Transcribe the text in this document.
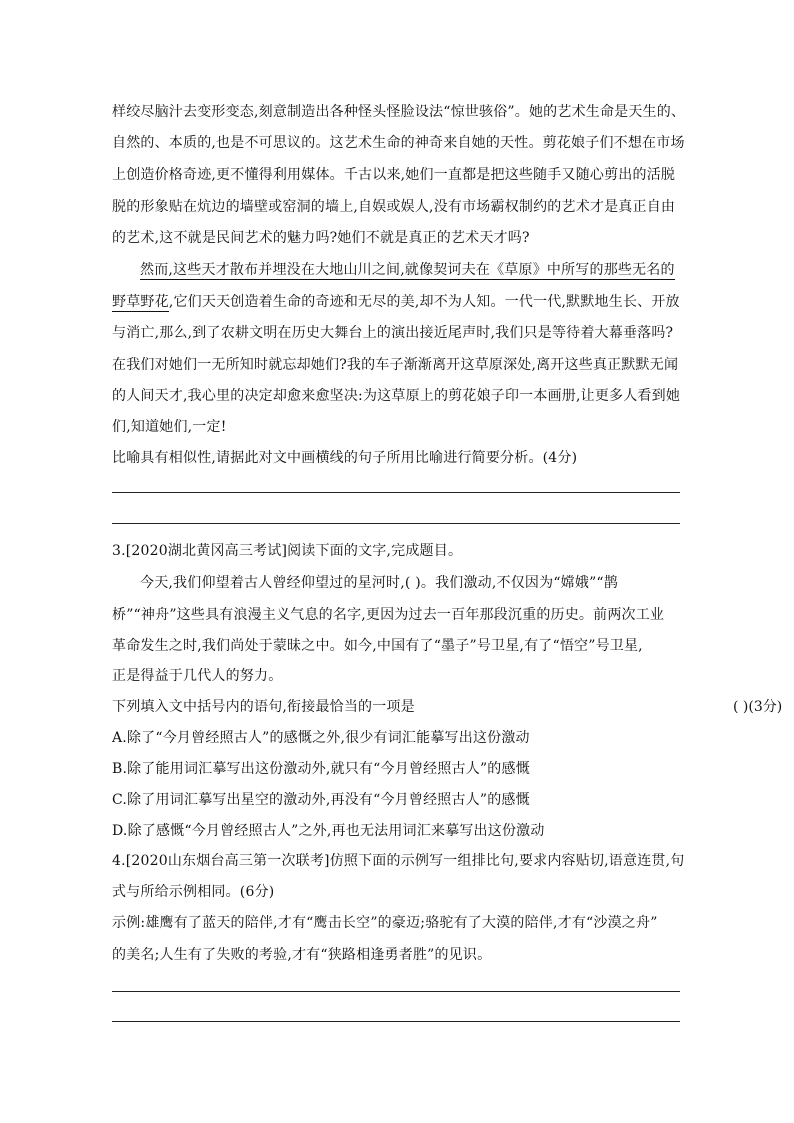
样绞尽脑汁去变形变态,刻意制造出各种怪头怪脸设法“惊世骇俗”。她的艺术生命是天生的、
自然的、本质的,也是不可思议的。这艺术生命的神奇来自她的天性。剪花娘子们不想在市场
上创造价格奇迹,更不懂得利用媒体。千古以来,她们一直都是把这些随手又随心剪出的活脱
脱的形象贴在炕边的墙壁或窑洞的墙上,自娱或娱人,没有市场霸权制约的艺术才是真正自由
的艺术,这不就是民间艺术的魅力吗?她们不就是真正的艺术天才吗?
然而,这些天才散布并埋没在大地山川之间,就像契诃夫在《草原》中所写的那些无名的
野草野花,它们天天创造着生命的奇迹和无尽的美,却不为人知。一代一代,默默地生长、开放
与消亡,那么,到了农耕文明在历史大舞台上的演出接近尾声时,我们只是等待着大幕垂落吗?
在我们对她们一无所知时就忘却她们?我的车子渐渐离开这草原深处,离开这些真正默默无闻
的人间天才,我心里的决定却愈来愈坚决:为这草原上的剪花娘子印一本画册,让更多人看到她
们,知道她们,一定!
比喻具有相似性,请据此对文中画横线的句子所用比喻进行简要分析。(4分)
3.[2020湖北黄冈高三考试]阅读下面的文字,完成题目。
今天,我们仰望着古人曾经仰望过的星河时,( )。我们激动,不仅因为“嫦娥”“鹊
桥”“神舟”这些具有浪漫主义气息的名字,更因为过去一百年那段沉重的历史。前两次工业
革命发生之时,我们尚处于蒙昧之中。如今,中国有了“墨子”号卫星,有了“悟空”号卫星,
正是得益于几代人的努力。
下列填入文中括号内的语句,衔接最恰当的一项是	( )(3分)
A.除了“今月曾经照古人”的感慨之外,很少有词汇能摹写出这份激动
B.除了能用词汇摹写出这份激动外,就只有“今月曾经照古人”的感慨
C.除了用词汇摹写出星空的激动外,再没有“今月曾经照古人”的感慨
D.除了感慨“今月曾经照古人”之外,再也无法用词汇来摹写出这份激动
4.[2020山东烟台高三第一次联考]仿照下面的示例写一组排比句,要求内容贴切,语意连贯,句
式与所给示例相同。(6分)
示例:雄鹰有了蓝天的陪伴,才有“鹰击长空”的豪迈;骆驼有了大漠的陪伴,才有“沙漠之舟”
的美名;人生有了失败的考验,才有“狭路相逢勇者胜”的见识。
